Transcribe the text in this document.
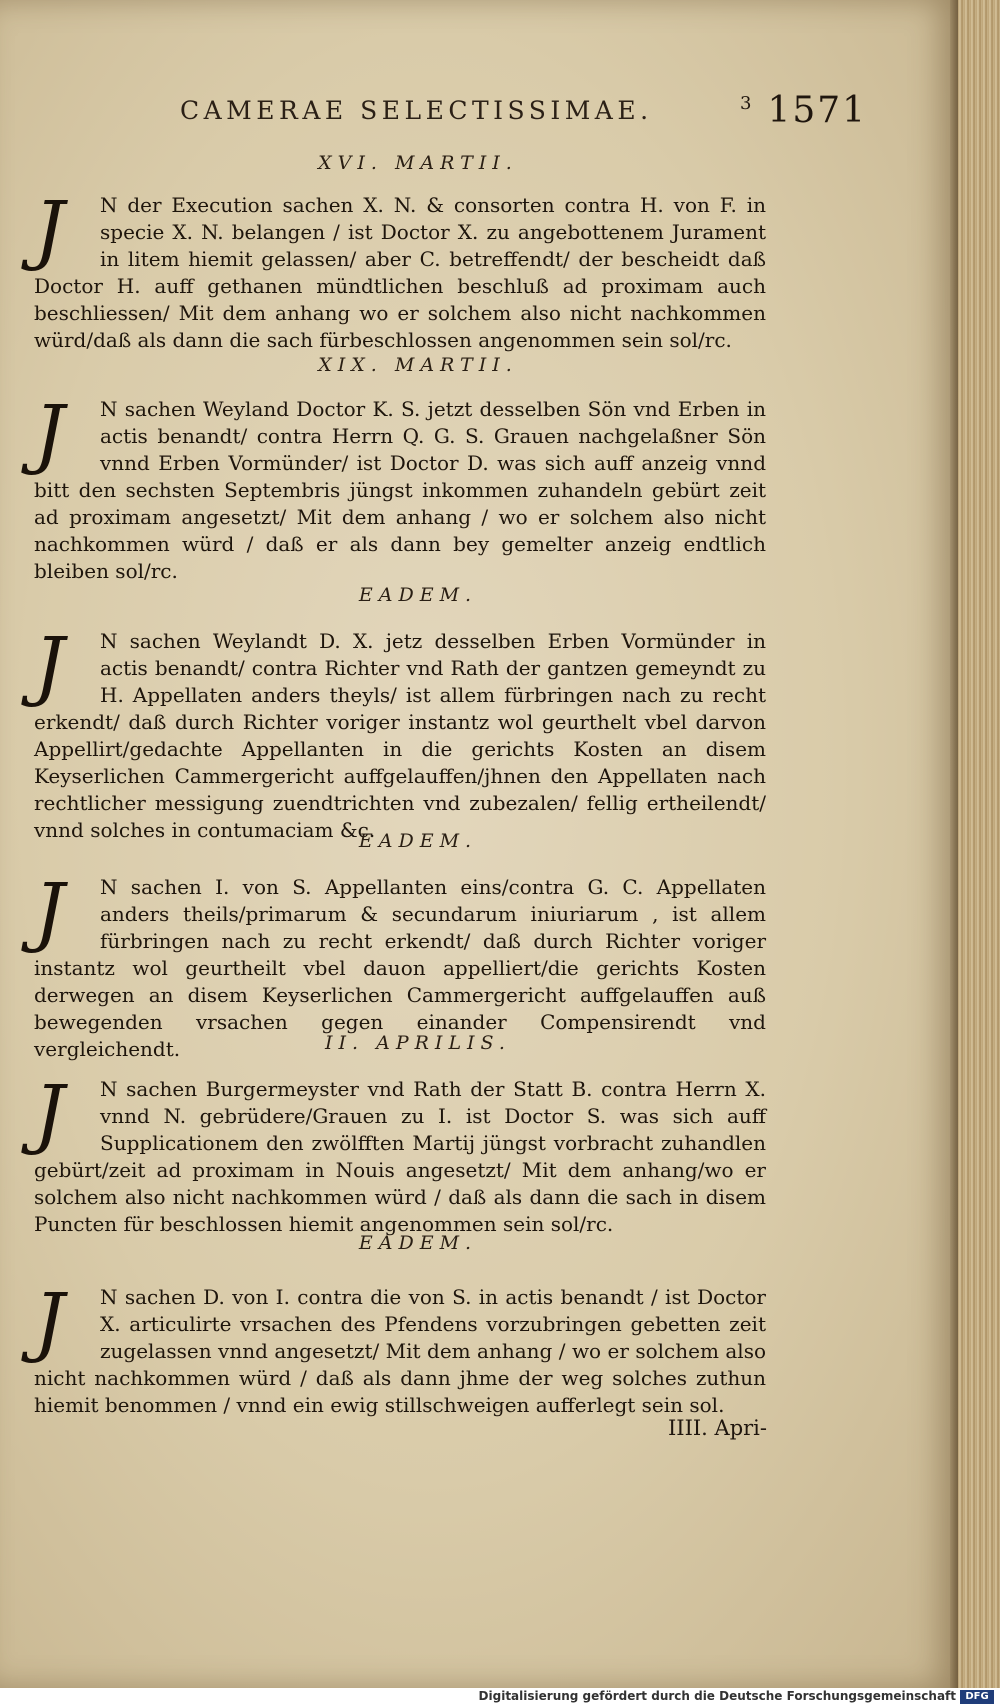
CAMERAE SELECTISSIMAE.	$^3$ 1571
XVI. MARTII.
J	N der Execution sachen X. N. & consorten contra H. von F. in specie X. N. belangen / ist Doctor X. zu angebottenem Jurament in litem hiemit gelassen/ aber C. betreffendt/ der bescheidt daß Doctor H. auff gethanen mündtlichen beschluß ad proximam auch beschliessen/ Mit dem anhang wo er solchem also nicht nachkommen würd/daß als dann die sach fürbeschlossen angenommen sein sol/rc.
XIX. MARTII.
J	N sachen Weyland Doctor K. S. jetzt desselben Sön vnd Erben in actis benandt/ contra Herrn Q. G. S. Grauen nachgelaßner Sön vnnd Erben Vormünder/ ist Doctor D. was sich auff anzeig vnnd bitt den sechsten Septembris jüngst inkommen zuhandeln gebürt zeit ad proximam angesetzt/ Mit dem anhang / wo er solchem also nicht nachkommen würd / daß er als dann bey gemelter anzeig endtlich bleiben sol/rc.
EADEM.
J	N sachen Weylandt D. X. jetz desselben Erben Vormünder in actis benandt/ contra Richter vnd Rath der gantzen gemeyndt zu H. Appellaten anders theyls/ ist allem fürbringen nach zu recht erkendt/ daß durch Richter voriger instantz wol geurthelt vbel darvon Appellirt/gedachte Appellanten in die gerichts Kosten an disem Keyserlichen Cammergericht auffgelauffen/jhnen den Appellaten nach rechtlicher messigung zuendtrichten vnd zubezalen/ fellig ertheilendt/ vnnd solches in contumaciam &c.
EADEM.
J	N sachen I. von S. Appellanten eins/contra G. C. Appellaten anders theils/primarum & secundarum iniuriarum , ist allem fürbringen nach zu recht erkendt/ daß durch Richter voriger instantz wol geurtheilt vbel dauon appelliert/die gerichts Kosten derwegen an disem Keyserlichen Cammergericht auffgelauffen auß bewegenden vrsachen gegen einander Compensirendt vnd vergleichendt.	II. APRILIS.
J	N sachen Burgermeyster vnd Rath der Statt B. contra Herrn X. vnnd N. gebrüdere/Grauen zu I. ist Doctor S. was sich auff Supplicationem den zwölfften Martij jüngst vorbracht zuhandlen gebürt/zeit ad proximam in Nouis angesetzt/ Mit dem anhang/wo er solchem also nicht nachkommen würd / daß als dann die sach in disem Puncten für beschlossen hiemit angenommen sein sol/rc.
EADEM.
J	N sachen D. von I. contra die von S. in actis benandt / ist Doctor X. articulirte vrsachen des Pfendens vorzubringen gebetten zeit zugelassen vnnd angesetzt/ Mit dem anhang / wo er solchem also nicht nachkommen würd / daß als dann jhme der weg solches zuthun hiemit benommen / vnnd ein ewig stillschweigen aufferlegt sein sol.
IIII. Apri-
Digitalisierung gefördert durch die Deutsche Forschungsgemeinschaft DFG
